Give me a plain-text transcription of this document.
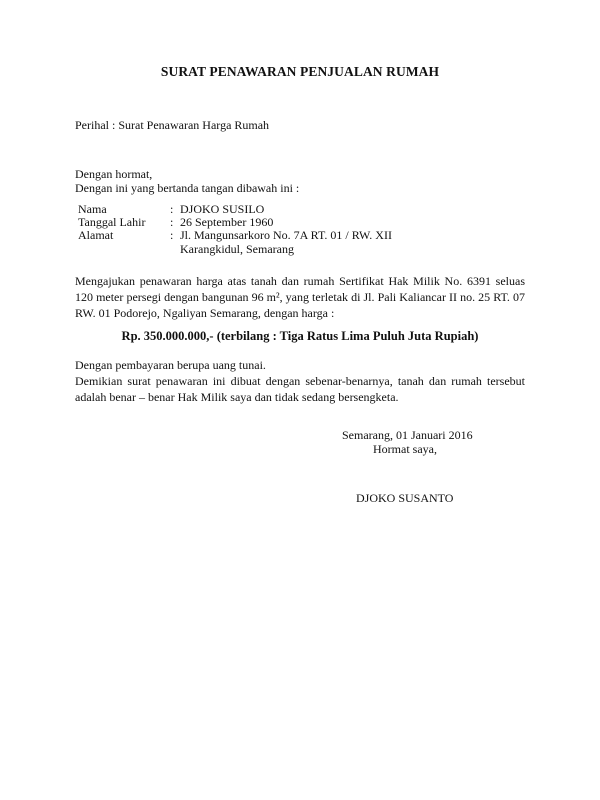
SURAT PENAWARAN PENJUALAN RUMAH
Perihal : Surat Penawaran Harga Rumah
Dengan hormat,
Dengan ini yang bertanda tangan dibawah ini :
Nama	: DJOKO SUSILO
Tanggal Lahir	: 26 September 1960
Alamat	: Jl. Mangunsarkoro No. 7A RT. 01 / RW. XII
Karangkidul, Semarang
Mengajukan penawaran harga atas tanah dan rumah Sertifikat Hak Milik No. 6391 seluas 120 meter persegi dengan bangunan 96 m², yang terletak di Jl. Pali Kaliancar II no. 25 RT. 07 RW. 01 Podorejo, Ngaliyan Semarang, dengan harga :
Rp. 350.000.000,- (terbilang : Tiga Ratus Lima Puluh Juta Rupiah)
Dengan pembayaran berupa uang tunai.
Demikian surat penawaran ini dibuat dengan sebenar-benarnya, tanah dan rumah tersebut adalah benar – benar Hak Milik saya dan tidak sedang bersengketa.
Semarang, 01 Januari 2016
Hormat saya,
DJOKO SUSANTO
